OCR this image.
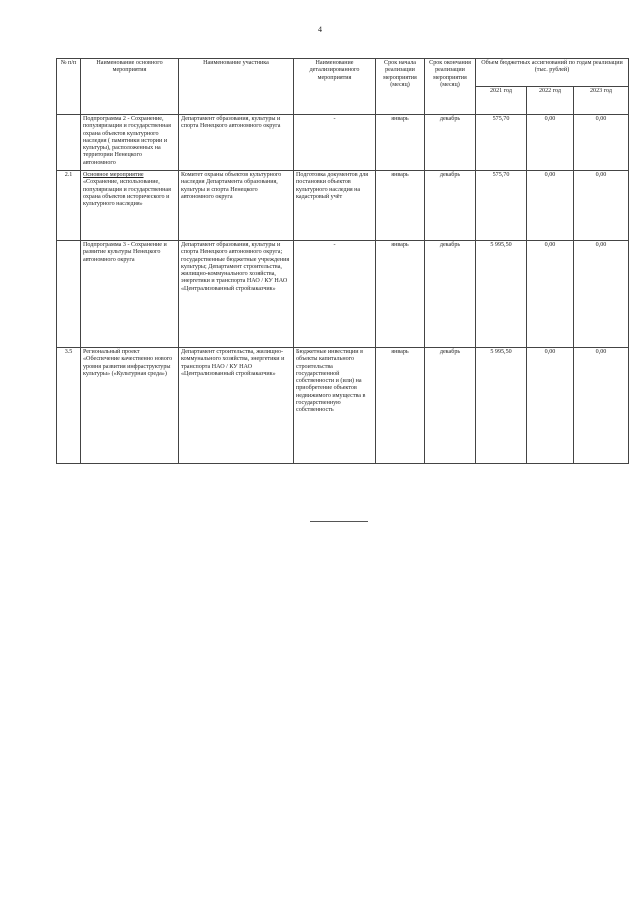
4
№ п/п	Наименование основного мероприятия	Наименование участника	Наименование детализированного мероприятия	Срок начала реализации мероприятия (месяц)	Срок окончания реализации мероприятия (месяц)	Объем бюджетных ассигнований по годам реализации (тыс. рублей)		
						2021 год	2022 год	2023 год

	Подпрограмма 2 - Сохранение, популяризация и государственная охрана объектов культурного наследия ( памятники истории и культуры), расположенных на территории Ненецкого автономного	Департамент образования, культуры и спорта Ненецкого автономного округа	-	январь	декабрь	575,70	0,00	0,00
2.1	Основное мероприятие «Сохранение, использование, популяризация и государственная охрана объектов исторического и культурного наследия»	Комитет охраны объектов культурного наследия Департамента образования, культуры и спорта Ненецкого автономного округа	Подготовка документов для постановки объектов культурного наследия на кадастровый учёт	январь	декабрь	575,70	0,00	0,00
	Подпрограмма 3 - Сохранение и развитие культуры Ненецкого автономного округа	Департамент образования, культуры и спорта Ненецкого автономного округа; государственные бюджетные учреждения культуры; Департамент строительства, жилищно-коммунального хозяйства, энергетики и транспорта НАО / КУ НАО «Централизованный стройзаказчик»	-	январь	декабрь	5 995,50	0,00	0,00
3.5	Региональный проект «Обеспечение качественно нового уровня развития инфраструктуры культуры» («Культурная среда»)	Департамент строительства, жилищно-коммунального хозяйства, энергетики и транспорта НАО / КУ НАО «Централизованный стройзаказчик»	Бюджетные инвестиции в объекты капитального строительства государственной собственности и (или) на приобретение объектов недвижимого имущества в государственную собственность	январь	декабрь	5 995,50	0,00	0,00
